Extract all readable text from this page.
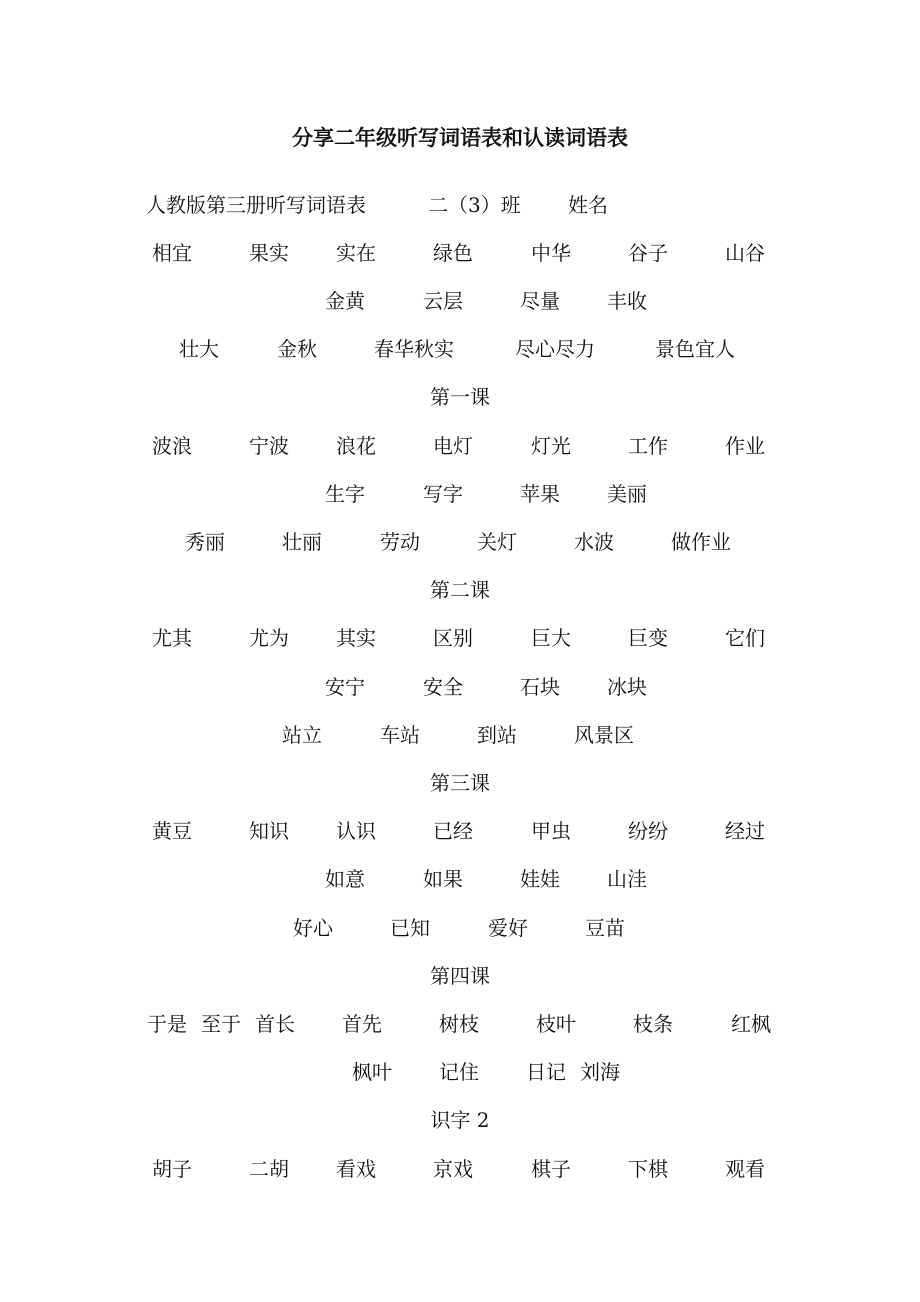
分享二年级听写词语表和认读词语表
人教版第三册听写词语表	二（3）班 姓名
相宜	果实 实在	绿色	中华	谷子	山谷
金黄	云层	尽量 丰收
壮大	金秋	春华秋实	尽心尽力	景色宜人
第一课
波浪	宁波 浪花	电灯	灯光	工作	作业
生字	写字	苹果 美丽
秀丽	壮丽	劳动	关灯	水波	做作业
第二课
尤其	尤为 其实	区别	巨大	巨变	它们
安宁	安全	石块 冰块
站立	车站	到站	风景区
第三课
黄豆	知识 认识	已经	甲虫	纷纷	经过
如意	如果	娃娃 山洼
好心	已知	爱好	豆苗
第四课
于是 至于 首长 首先	树枝	枝叶	枝条	红枫
枫叶 记住 日记 刘海
识字 2
胡子	二胡 看戏	京戏	棋子	下棋	观看
